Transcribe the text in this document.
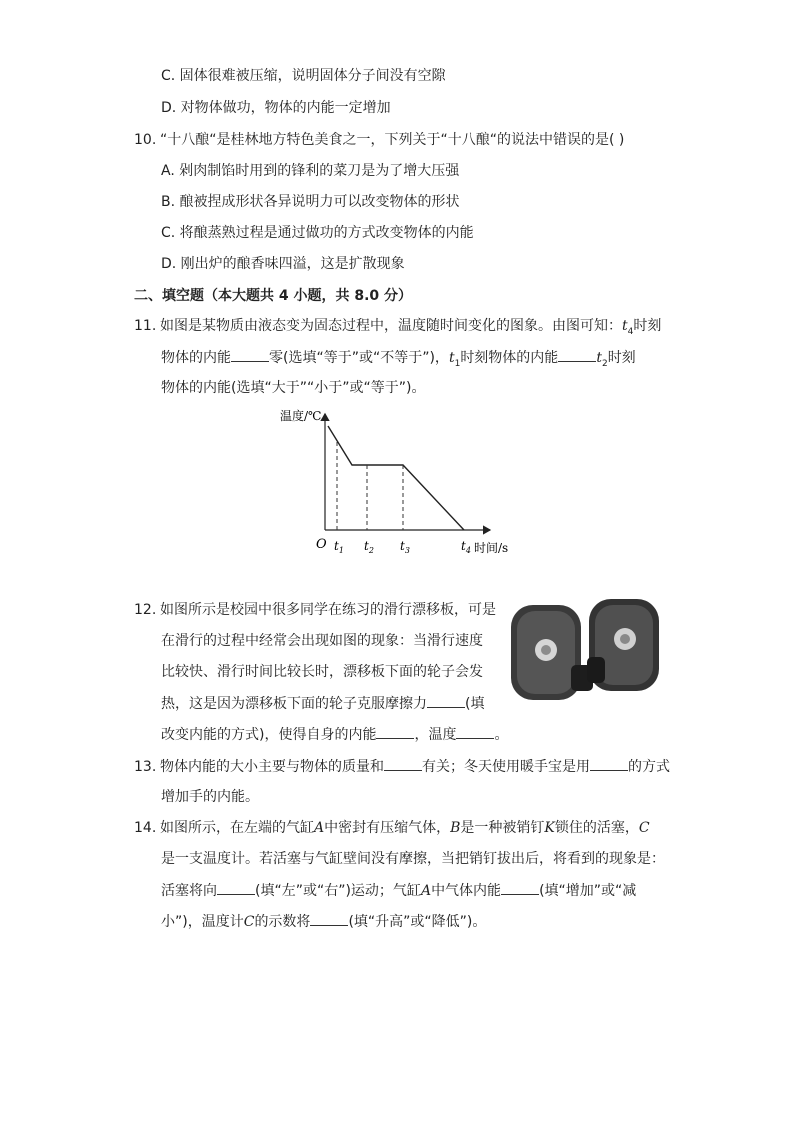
C. 固体很难被压缩，说明固体分子间没有空隙
D. 对物体做功，物体的内能一定增加
10. “十八酿“是桂林地方特色美食之一，下列关于“十八酿“的说法中错误的是( )
A. 剁肉制馅时用到的锋利的菜刀是为了增大压强
B. 酿被捏成形状各异说明力可以改变物体的形状
C. 将酿蒸熟过程是通过做功的方式改变物体的内能
D. 刚出炉的酿香味四溢，这是扩散现象
二、填空题（本大题共 4 小题，共 8.0 分）
11. 如图是某物质由液态变为固态过程中，温度随时间变化的图象。由图可知：$t_4$时刻
物体的内能	零(选填“等于”或“不等于”)，$t_1$时刻物体的内能	$t_2$时刻
物体的内能(选填“大于”“小于”或“等于”)。
温度/℃
O $t_1$ $t_2$ $t_3$	$t_4$ 时间/s
12. 如图所示是校园中很多同学在练习的滑行漂移板，可是
在滑行的过程中经常会出现如图的现象：当滑行速度
比较快、滑行时间比较长时，漂移板下面的轮子会发
热，这是因为漂移板下面的轮子克服摩擦力	(填
改变内能的方式)，使得自身的内能	，温度	。
13. 物体内能的大小主要与物体的质量和	有关；冬天使用暖手宝是用	的方式
增加手的内能。
14. 如图所示，在左端的气缸A中密封有压缩气体，B是一种被销钉K锁住的活塞，C
是一支温度计。若活塞与气缸壁间没有摩擦，当把销钉拔出后，将看到的现象是：
活塞将向	(填“左”或“右”)运动；气缸A中气体内能	(填“增加”或“减
小”)，温度计C的示数将	(填“升高”或“降低”)。
